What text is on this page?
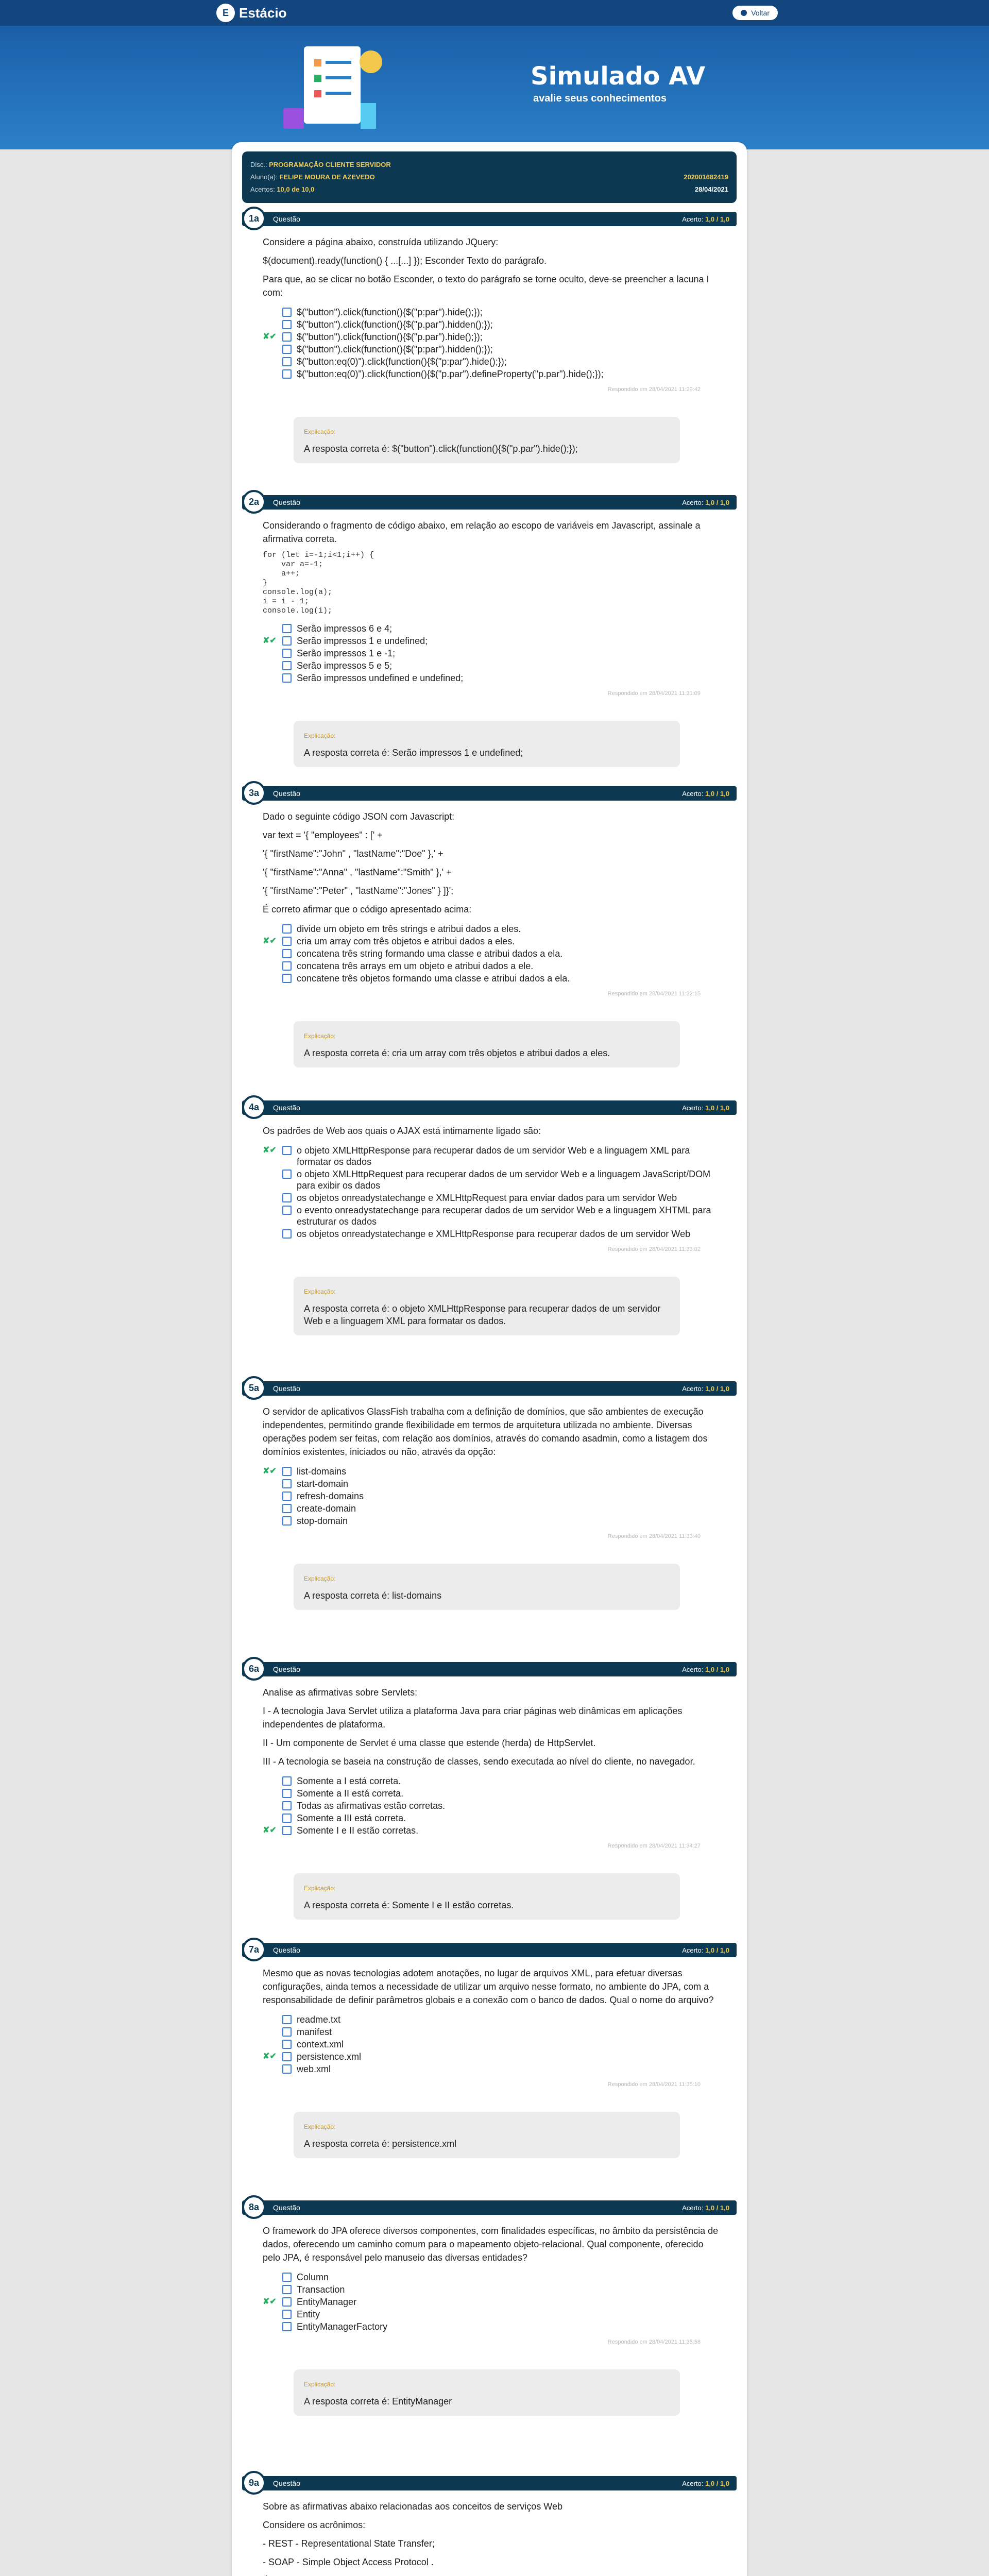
E Estácio	Voltar
Simulado AV
avalie seus conhecimentos
Disc.: PROGRAMAÇÃO CLIENTE SERVIDOR
Aluno(a): FELIPE MOURA DE AZEVEDO	202001682419
Acertos: 10,0 de 10,0	28/04/2021
1a	Questão	Acerto: 1,0 / 1,0

Considere a página abaixo, construída utilizando JQuery:

$(document).ready(function() { ...[...] }); Esconder Texto do parágrafo.

Para que, ao se clicar no botão Esconder, o texto do parágrafo se torne oculto, deve-se preencher a lacuna I com:

$("button").click(function(){$("p:par").hide();});
$("button").click(function(){$("p.par").hidden();});
✘✔ $("button").click(function(){$("p.par").hide();});
$("button").click(function(){$("p:par").hidden();});
$("button:eq(0)").click(function(){$("p:par").hide();});
$("button:eq(0)").click(function(){$("p.par").defineProperty("p.par").hide();});
Respondido em 28/04/2021 11:29:42
Explicação:
A resposta correta é: $("button").click(function(){$("p.par").hide();});
2a	Questão	Acerto: 1,0 / 1,0

Considerando o fragmento de código abaixo, em relação ao escopo de variáveis em Javascript, assinale a afirmativa correta.

for (let i=-1;i<1;i++) {
var a=-1;
a++;
}
console.log(a);
i = i - 1;
console.log(i);
Serão impressos 6 e 4;
✘✔ Serão impressos 1 e undefined;
Serão impressos 1 e -1;
Serão impressos 5 e 5;
Serão impressos undefined e undefined;
Respondido em 28/04/2021 11:31:09
Explicação:
A resposta correta é: Serão impressos 1 e undefined;
3a	Questão	Acerto: 1,0 / 1,0

Dado o seguinte código JSON com Javascript:

var text = '{ "employees" : [' +

'{ "firstName":"John" , "lastName":"Doe" },' +

'{ "firstName":"Anna" , "lastName":"Smith" },' +

'{ "firstName":"Peter" , "lastName":"Jones" } ]}';

É correto afirmar que o código apresentado acima:

divide um objeto em três strings e atribui dados a eles.
✘✔ cria um array com três objetos e atribui dados a eles.
concatena três string formando uma classe e atribui dados a ela.
concatena três arrays em um objeto e atribui dados a ele.
concatene três objetos formando uma classe e atribui dados a ela.
Respondido em 28/04/2021 11:32:15
Explicação:
A resposta correta é: cria um array com três objetos e atribui dados a eles.
4a	Questão	Acerto: 1,0 / 1,0

Os padrões de Web aos quais o AJAX está intimamente ligado são:

✘✔ o objeto XMLHttpResponse para recuperar dados de um servidor Web e a linguagem XML para formatar os dados
o objeto XMLHttpRequest para recuperar dados de um servidor Web e a linguagem JavaScript/DOM para exibir os dados
os objetos onreadystatechange e XMLHttpRequest para enviar dados para um servidor Web
o evento onreadystatechange para recuperar dados de um servidor Web e a linguagem XHTML para estruturar os dados
os objetos onreadystatechange e XMLHttpResponse para recuperar dados de um servidor Web
Respondido em 28/04/2021 11:33:02
Explicação:
A resposta correta é: o objeto XMLHttpResponse para recuperar dados de um servidor Web e a linguagem XML para formatar os dados.
5a	Questão	Acerto: 1,0 / 1,0

O servidor de aplicativos GlassFish trabalha com a definição de domínios, que são ambientes de execução independentes, permitindo grande flexibilidade em termos de arquitetura utilizada no ambiente. Diversas operações podem ser feitas, com relação aos domínios, através do comando asadmin, como a listagem dos domínios existentes, iniciados ou não, através da opção:

✘✔ list-domains
start-domain
refresh-domains
create-domain
stop-domain
Respondido em 28/04/2021 11:33:40
Explicação:
A resposta correta é: list-domains
6a	Questão	Acerto: 1,0 / 1,0

Analise as afirmativas sobre Servlets:

I - A tecnologia Java Servlet utiliza a plataforma Java para criar páginas web dinâmicas em aplicações independentes de plataforma.

II - Um componente de Servlet é uma classe que estende (herda) de HttpServlet.

III - A tecnologia se baseia na construção de classes, sendo executada ao nível do cliente, no navegador.

Somente a I está correta.
Somente a II está correta.
Todas as afirmativas estão corretas.
Somente a III está correta.
✘✔ Somente I e II estão corretas.
Respondido em 28/04/2021 11:34:27
Explicação:
A resposta correta é: Somente I e II estão corretas.
7a	Questão	Acerto: 1,0 / 1,0

Mesmo que as novas tecnologias adotem anotações, no lugar de arquivos XML, para efetuar diversas configurações, ainda temos a necessidade de utilizar um arquivo nesse formato, no ambiente do JPA, com a responsabilidade de definir parâmetros globais e a conexão com o banco de dados. Qual o nome do arquivo?

readme.txt
manifest
context.xml
✘✔ persistence.xml
web.xml
Respondido em 28/04/2021 11:35:10
Explicação:
A resposta correta é: persistence.xml
8a	Questão	Acerto: 1,0 / 1,0

O framework do JPA oferece diversos componentes, com finalidades específicas, no âmbito da persistência de dados, oferecendo um caminho comum para o mapeamento objeto-relacional. Qual componente, oferecido pelo JPA, é responsável pelo manuseio das diversas entidades?

Column
Transaction
✘✔ EntityManager
Entity
EntityManagerFactory
Respondido em 28/04/2021 11:35:58
Explicação:
A resposta correta é: EntityManager
9a	Questão	Acerto: 1,0 / 1,0

Sobre as afirmativas abaixo relacionadas aos conceitos de serviços Web

Considere os acrônimos:

- REST - Representational State Transfer;

- SOAP - Simple Object Access Protocol .
